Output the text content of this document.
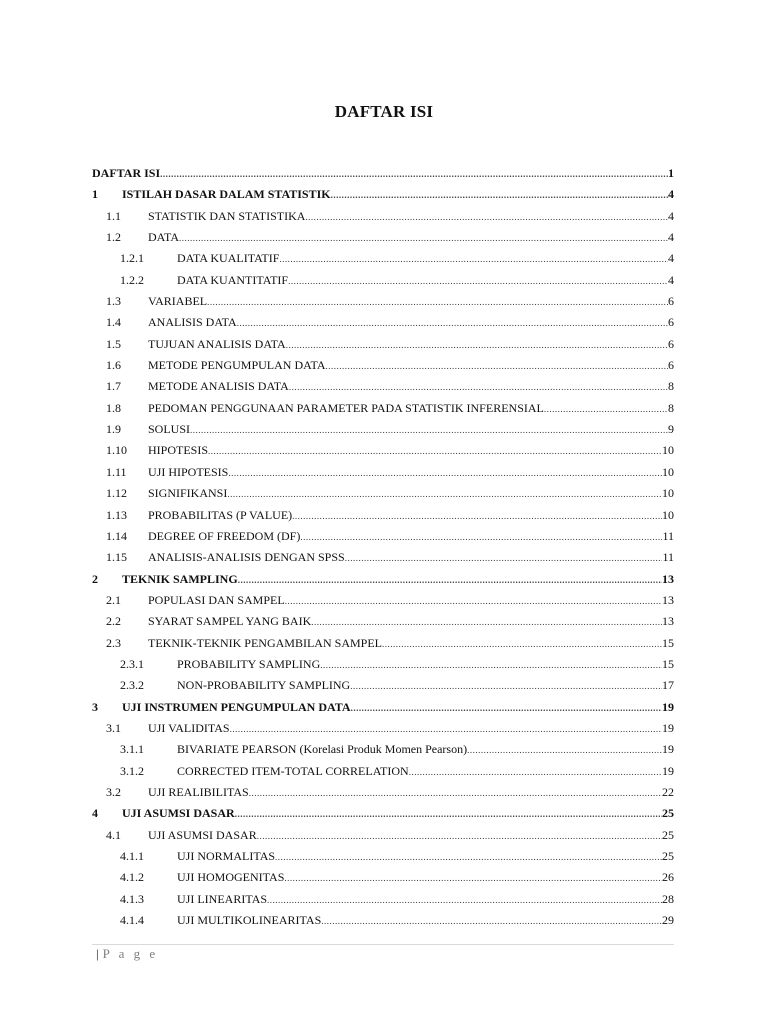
DAFTAR ISI
DAFTAR ISI .....	1
1 ISTILAH DASAR DALAM STATISTIK .....	4
1.1 STATISTIK DAN STATISTIKA .....	4
1.2 DATA .....	4
1.2.1	DATA KUALITATIF .....	4
1.2.2	DATA KUANTITATIF .....	4
1.3 VARIABEL .....	6
1.4 ANALISIS DATA .....	6
1.5 TUJUAN ANALISIS DATA .....	6
1.6 METODE PENGUMPULAN DATA .....	6
1.7 METODE ANALISIS DATA .....	8
1.8 PEDOMAN PENGGUNAAN PARAMETER PADA STATISTIK INFERENSIAL .....	8
1.9 SOLUSI .....	9
1.10 HIPOTESIS .....	10
1.11 UJI HIPOTESIS .....	10
1.12 SIGNIFIKANSI .....	10
1.13 PROBABILITAS (P VALUE) .....	10
1.14 DEGREE OF FREEDOM (DF) .....	11
1.15 ANALISIS-ANALISIS DENGAN SPSS .....	11
2 TEKNIK SAMPLING .....	13
2.1 POPULASI DAN SAMPEL .....	13
2.2 SYARAT SAMPEL YANG BAIK .....	13
2.3 TEKNIK-TEKNIK PENGAMBILAN SAMPEL .....	15
2.3.1	PROBABILITY SAMPLING .....	15
2.3.2	NON-PROBABILITY SAMPLING .....	17
3 UJI INSTRUMEN PENGUMPULAN DATA .....	19
3.1 UJI VALIDITAS .....	19
3.1.1	BIVARIATE PEARSON (Korelasi Produk Momen Pearson) .....	19
3.1.2	CORRECTED ITEM-TOTAL CORRELATION .....	19
3.2 UJI REALIBILITAS .....	22
4 UJI ASUMSI DASAR .....	25
4.1 UJI ASUMSI DASAR .....	25
4.1.1	UJI NORMALITAS .....	25
4.1.2	UJI HOMOGENITAS .....	26
4.1.3	UJI LINEARITAS .....	28
4.1.4	UJI MULTIKOLINEARITAS .....	29
| P a g e
